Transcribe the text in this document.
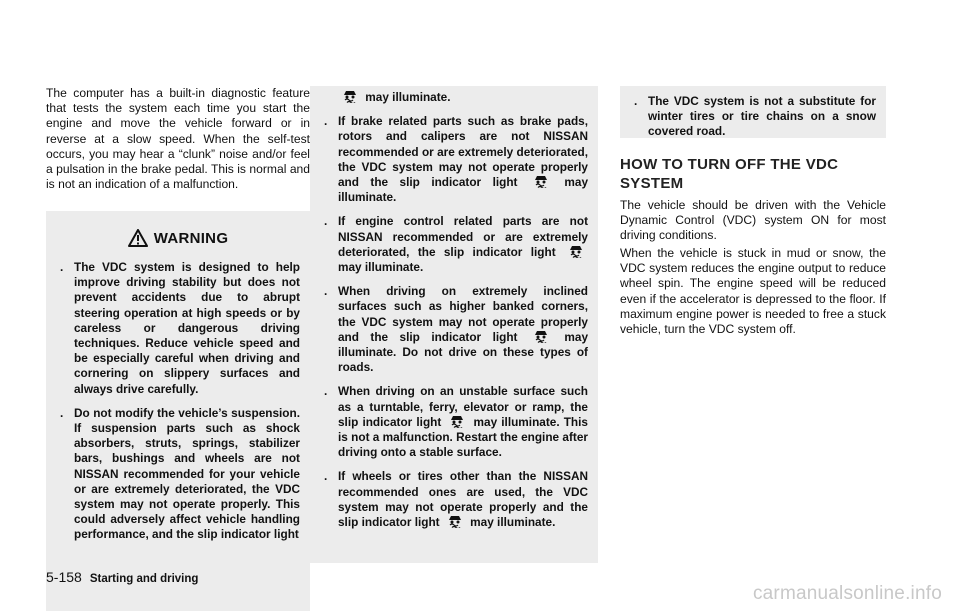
The computer has a built-in diagnostic feature that tests the system each time you start the engine and move the vehicle forward or in reverse at a slow speed. When the self-test occurs, you may hear a “clunk” noise and/or feel a pulsation in the brake pedal. This is normal and is not an indication of a malfunction.

WARNING
. The VDC system is designed to help improve driving stability but does not prevent accidents due to abrupt steering operation at high speeds or by careless or dangerous driving techniques. Reduce vehicle speed and be especially careful when driving and cornering on slippery surfaces and always drive carefully.
. Do not modify the vehicle’s suspension. If suspension parts such as shock absorbers, struts, springs, stabilizer bars, bushings and wheels are not NISSAN recommended for your vehicle or are extremely deteriorated, the VDC system may not operate properly. This could adversely affect vehicle handling performance, and the slip indicator light
may illuminate.
. If brake related parts such as brake pads, rotors and calipers are not NISSAN recommended or are extremely deteriorated, the VDC system may not operate properly and the slip indicator light	may illuminate.
. If engine control related parts are not NISSAN recommended or are extremely deteriorated, the slip indicator light  may illuminate.
. When driving on extremely inclined surfaces such as higher banked corners, the VDC system may not operate properly and the slip indicator light	may illuminate. Do not drive on these types of roads.
. When driving on an unstable surface such as a turntable, ferry, elevator or ramp, the slip indicator light	may illuminate. This is not a malfunction. Restart the engine after driving onto a stable surface.
. If wheels or tires other than the NISSAN recommended ones are used, the VDC system may not operate properly and the slip indicator light	may illuminate.
. The VDC system is not a substitute for winter tires or tire chains on a snow covered road.
HOW TO TURN OFF THE VDC SYSTEM

The vehicle should be driven with the Vehicle Dynamic Control (VDC) system ON for most driving conditions.

When the vehicle is stuck in mud or snow, the VDC system reduces the engine output to reduce wheel spin. The engine speed will be reduced even if the accelerator is depressed to the floor. If maximum engine power is needed to free a stuck vehicle, turn the VDC system off.

5-158 Starting and driving
carmanualsonline.info
